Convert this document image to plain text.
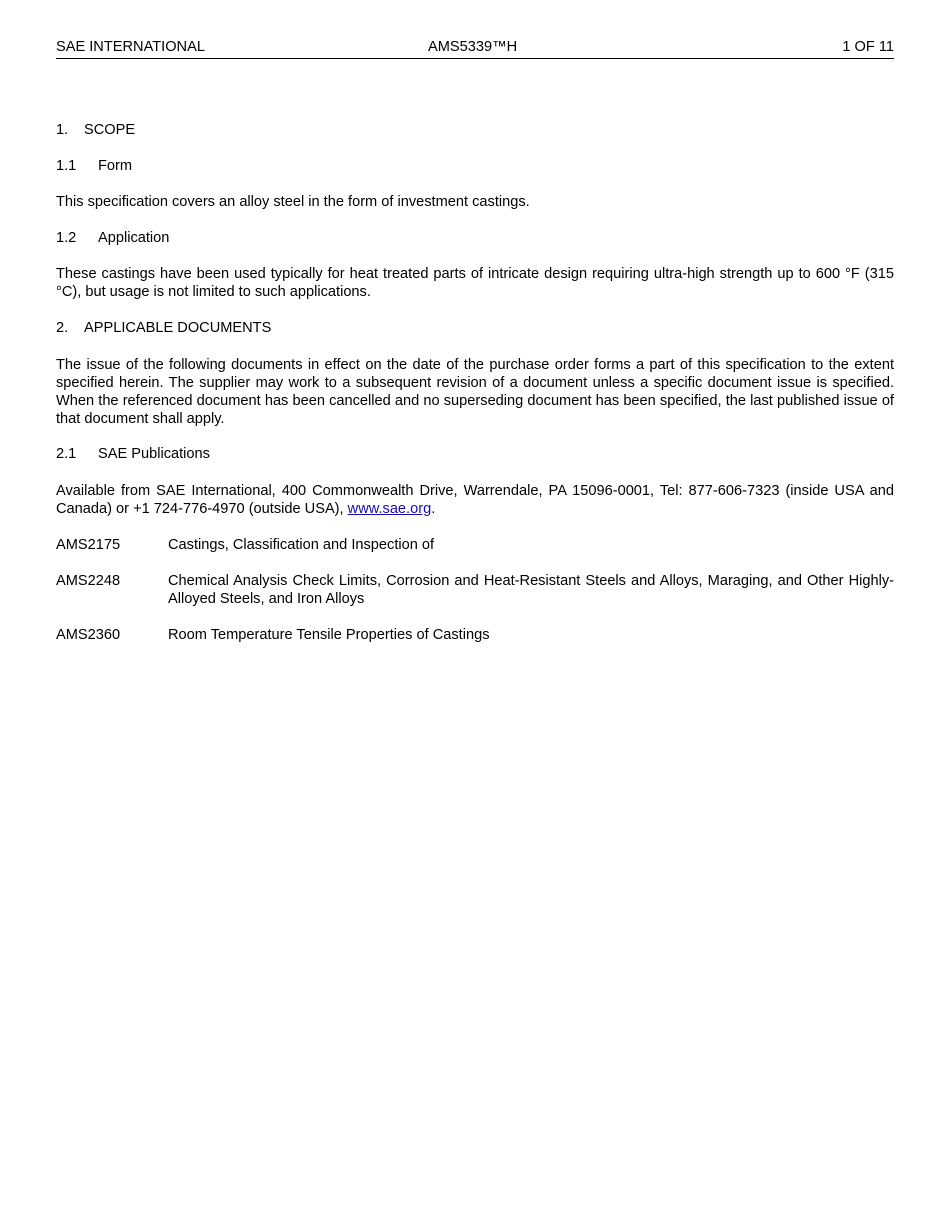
SAE INTERNATIONAL	AMS5339™H	1 OF 11

1. SCOPE

1.1 Form

This specification covers an alloy steel in the form of investment castings.

1.2 Application

These castings have been used typically for heat treated parts of intricate design requiring ultra-high strength up to 600 °F (315 °C), but usage is not limited to such applications.

2. APPLICABLE DOCUMENTS

The issue of the following documents in effect on the date of the purchase order forms a part of this specification to the extent specified herein. The supplier may work to a subsequent revision of a document unless a specific document issue is specified. When the referenced document has been cancelled and no superseding document has been specified, the last published issue of that document shall apply.

2.1 SAE Publications

Available from SAE International, 400 Commonwealth Drive, Warrendale, PA 15096-0001, Tel: 877-606-7323 (inside USA and Canada) or +1 724-776-4970 (outside USA), www.sae.org.

AMS2175	Castings, Classification and Inspection of
AMS2248	Chemical Analysis Check Limits, Corrosion and Heat-Resistant Steels and Alloys, Maraging, and Other Highly-Alloyed Steels, and Iron Alloys
AMS2360	Room Temperature Tensile Properties of Castings
